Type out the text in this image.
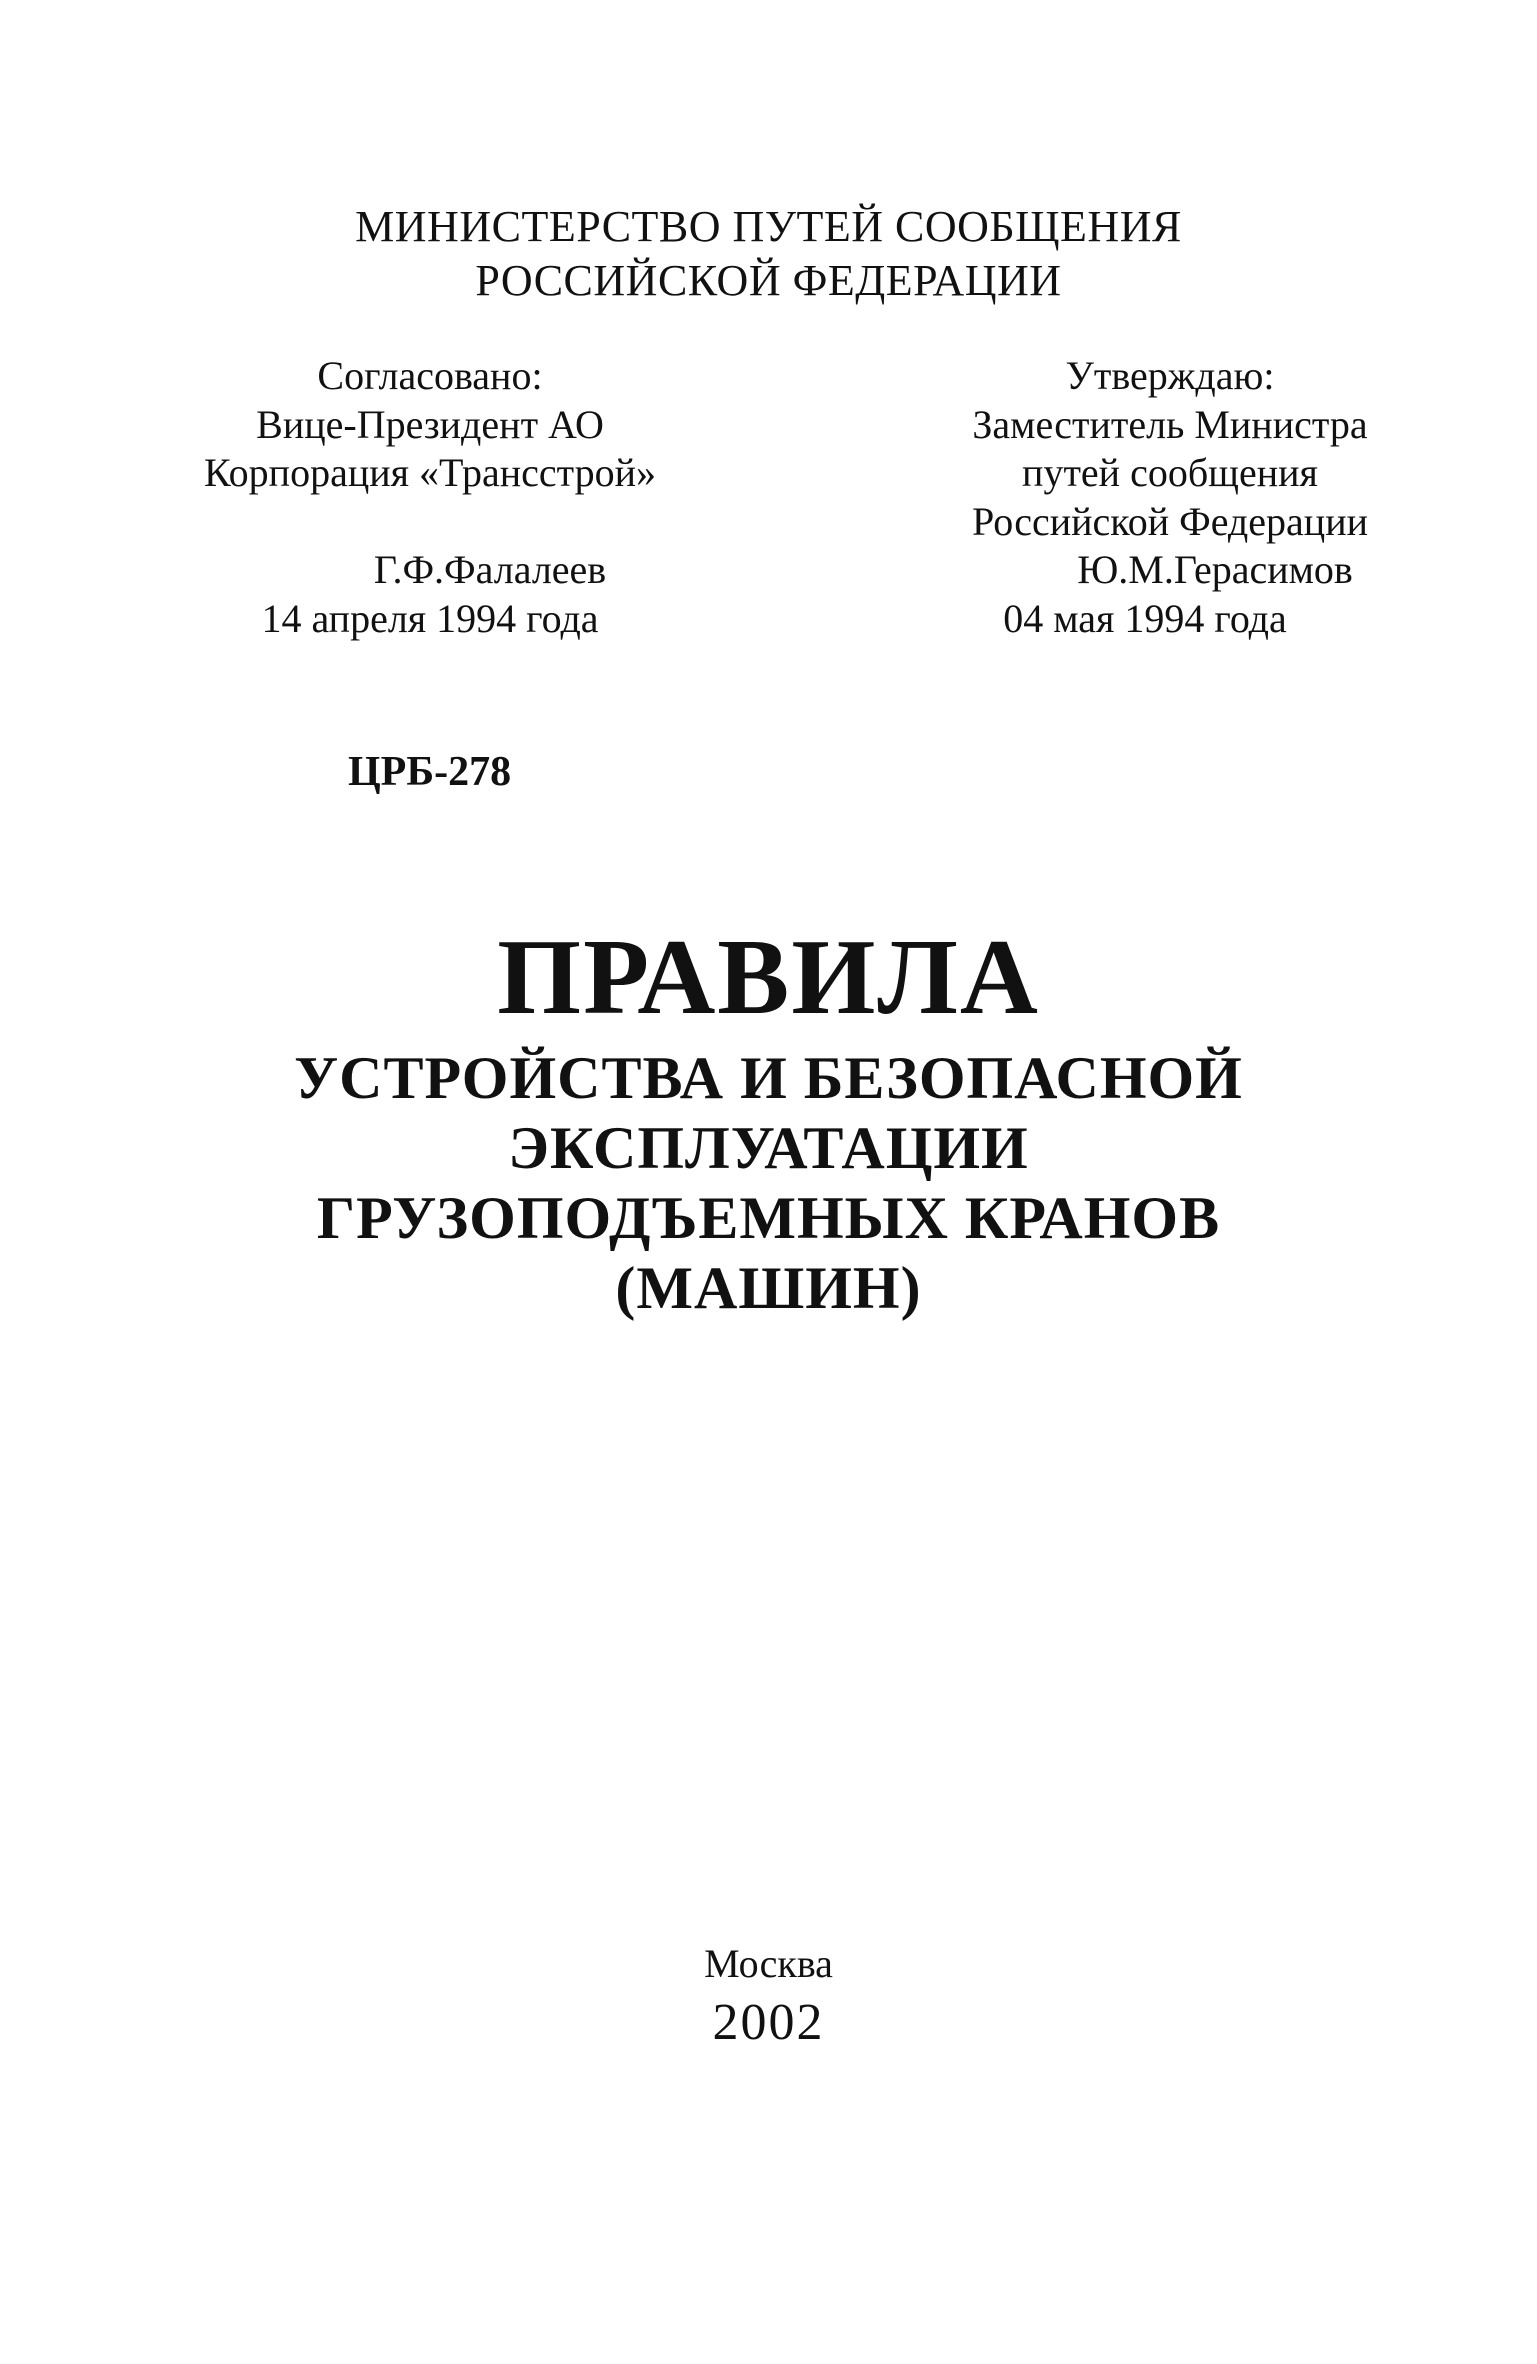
МИНИСТЕРСТВО ПУТЕЙ СООБЩЕНИЯ
РОССИЙСКОЙ ФЕДЕРАЦИИ
Согласовано:
Вице-Президент АО
Корпорация «Трансстрой»
Г.Ф.Фалалеев
14 апреля 1994 года
Утверждаю:
Заместитель Министра
путей сообщения
Российской Федерации
Ю.М.Герасимов
04 мая 1994 года
ЦРБ-278
ПРАВИЛА
УСТРОЙСТВА И БЕЗОПАСНОЙ
ЭКСПЛУАТАЦИИ
ГРУЗОПОДЪЕМНЫХ КРАНОВ
(МАШИН)
Москва
2002
